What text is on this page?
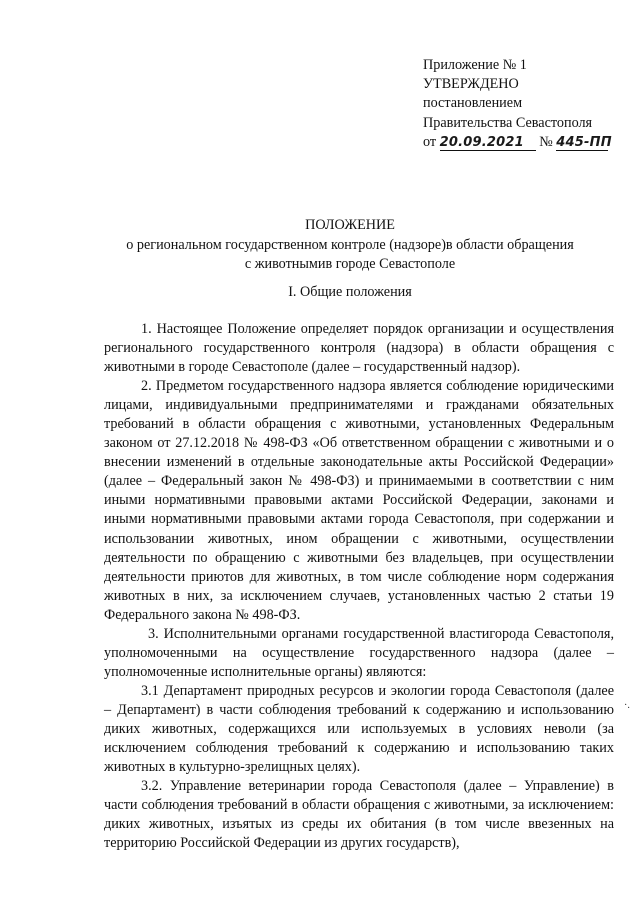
Приложение № 1
УТВЕРЖДЕНО
постановлением
Правительства Севастополя
от 20.09.2021 № 445-ПП
ПОЛОЖЕНИЕ
о региональном государственном контроле (надзоре)в области обращения
с животнымив городе Севастополе
I. Общие положения

1. Настоящее Положение определяет порядок организации и осуществления регионального государственного контроля (надзора) в области обращения с животными в городе Севастополе (далее – государственный надзор).

2. Предметом государственного надзора является соблюдение юридическими лицами, индивидуальными предпринимателями и гражданами обязательных требований в области обращения с животными, установленных Федеральным законом от 27.12.2018 № 498-ФЗ «Об ответственном обращении с животными и о внесении изменений в отдельные законодательные акты Российской Федерации» (далее – Федеральный закон № 498-ФЗ) и принимаемыми в соответствии с ним иными нормативными правовыми актами Российской Федерации, законами и иными нормативными правовыми актами города Севастополя, при содержании и использовании животных, ином обращении с животными, осуществлении деятельности по обращению с животными без владельцев, при осуществлении деятельности приютов для животных, в том числе соблюдение норм содержания животных в них, за исключением случаев, установленных частью 2 статьи 19 Федерального закона № 498-ФЗ.

3. Исполнительными органами государственной властигорода Севастополя, уполномоченными на осуществление государственного надзора (далее – уполномоченные исполнительные органы) являются:

3.1 Департамент природных ресурсов и экологии города Севастополя (далее – Департамент) в части соблюдения требований к содержанию и использованию диких животных, содержащихся или используемых в условиях неволи (за исключением соблюдения требований к содержанию и использованию таких животных в культурно-зрелищных целях).

3.2. Управление ветеринарии города Севастополя (далее – Управление) в части соблюдения требований в области обращения с животными, за исключением: диких животных, изъятых из среды их обитания (в том числе ввезенных на территорию Российской Федерации из других государств),

·.
